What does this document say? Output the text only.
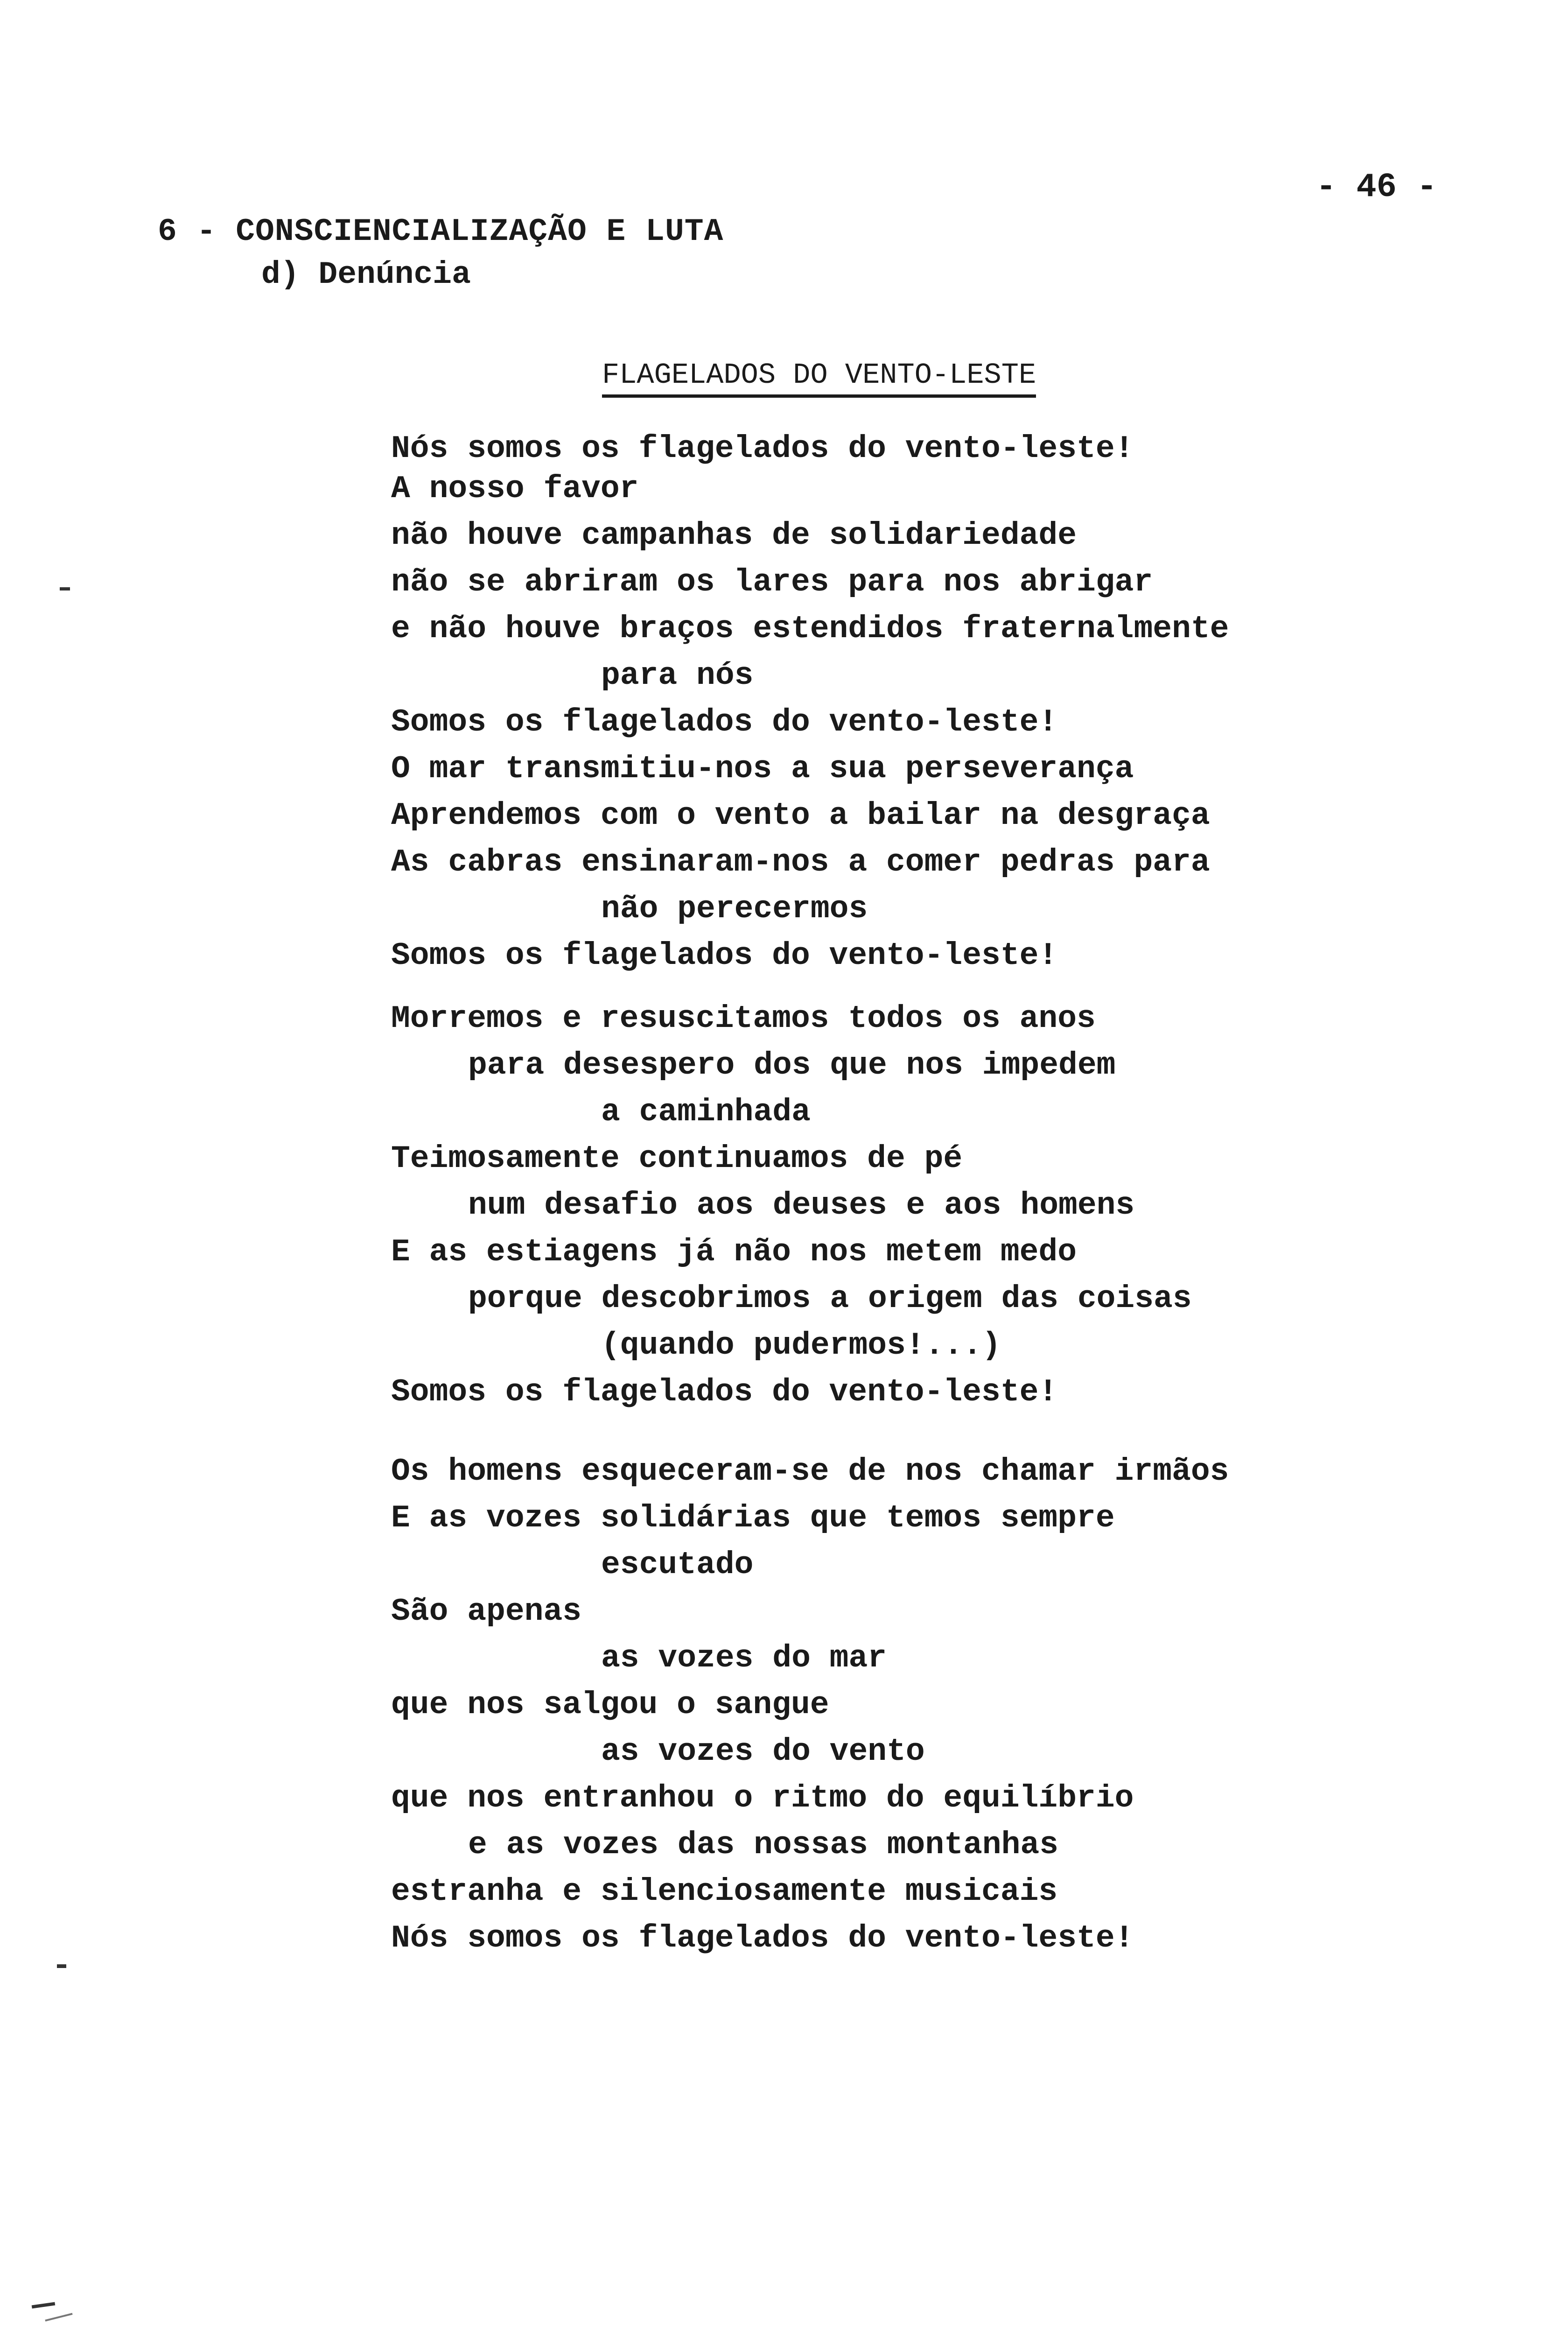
- 46 -
6 - CONSCIENCIALIZAÇÃO E LUTA
d) Denúncia
FLAGELADOS DO VENTO-LESTE
Nós somos os flagelados do vento-leste!
A nosso favor
não houve campanhas de solidariedade
não se abriram os lares para nos abrigar
e não houve braços estendidos fraternalmente
para nós
Somos os flagelados do vento-leste!
O mar transmitiu-nos a sua perseverança
Aprendemos com o vento a bailar na desgraça
As cabras ensinaram-nos a comer pedras para
não perecermos
Somos os flagelados do vento-leste!
Morremos e resuscitamos todos os anos
para desespero dos que nos impedem
a caminhada
Teimosamente continuamos de pé
num desafio aos deuses e aos homens
E as estiagens já não nos metem medo
porque descobrimos a origem das coisas
(quando pudermos!...)
Somos os flagelados do vento-leste!
Os homens esqueceram-se de nos chamar irmãos
E as vozes solidárias que temos sempre
escutado
São apenas
as vozes do mar
que nos salgou o sangue
as vozes do vento
que nos entranhou o ritmo do equilíbrio
e as vozes das nossas montanhas
estranha e silenciosamente musicais
Nós somos os flagelados do vento-leste!
